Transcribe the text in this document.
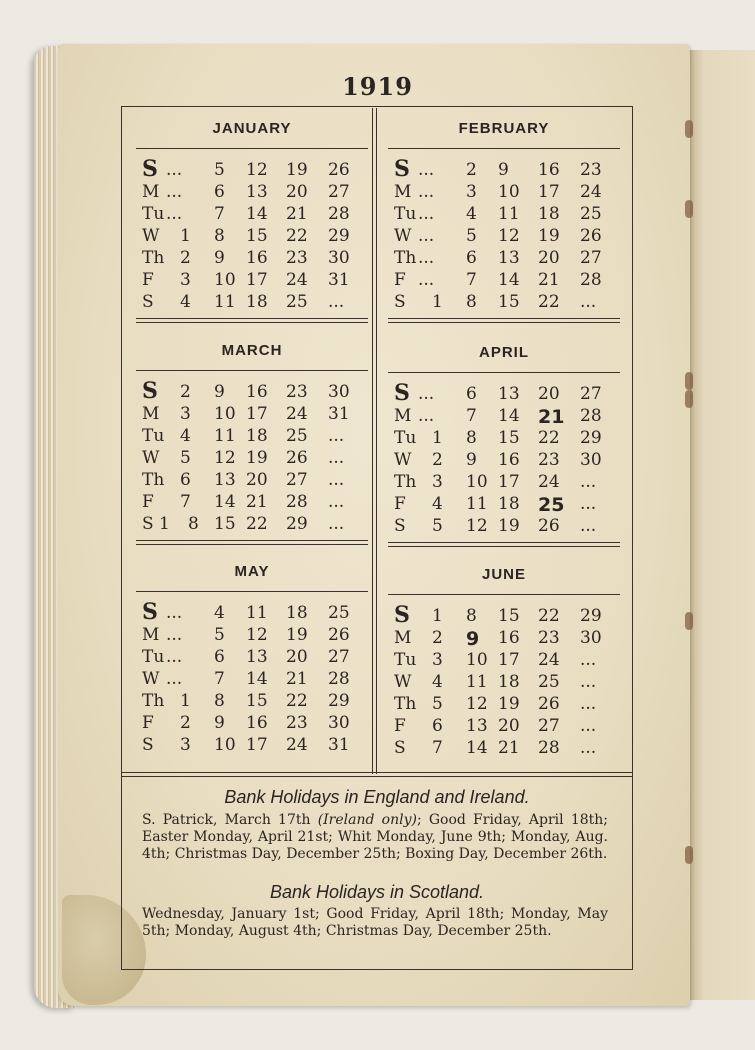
1919
JANUARY
S ... 5 12 19 26
M ... 6 13 20 27
Tu ... 7 14 21 28
W 1 8 15 22 29
Th 2 9 16 23 30
F 3 10 17 24 31
S 4 11 18 25 ...
FEBRUARY
S ... 2 9 16 23
M ... 3 10 17 24
Tu ... 4 11 18 25
W ... 5 12 19 26
Th ... 6 13 20 27
F ... 7 14 21 28
S 1 8 15 22 ...
MARCH
S 2 9 16 23 30
M 3 10 17 24 31
Tu 4 11 18 25 ...
W 5 12 19 26 ...
Th 6 13 20 27 ...
F 7 14 21 28 ...
S 1 8 15 22 29 ...
APRIL
S ... 6 13 20 27
M ... 7 14 21 28
Tu 1 8 15 22 29
W 2 9 16 23 30
Th 3 10 17 24 ...
F 4 11 18 25 ...
S 5 12 19 26 ...
MAY
S ... 4 11 18 25
M ... 5 12 19 26
Tu ... 6 13 20 27
W ... 7 14 21 28
Th 1 8 15 22 29
F 2 9 16 23 30
S 3 10 17 24 31
JUNE
S 1 8 15 22 29
M 2 9 16 23 30
Tu 3 10 17 24 ...
W 4 11 18 25 ...
Th 5 12 19 26 ...
F 6 13 20 27 ...
S 7 14 21 28 ...
Bank Holidays in England and Ireland.
S. Patrick, March 17th (Ireland only); Good Friday, April 18th; Easter Monday, April 21st; Whit Monday, June 9th; Monday, Aug. 4th; Christmas Day, December 25th; Boxing Day, December 26th.
Bank Holidays in Scotland.
Wednesday, January 1st; Good Friday, April 18th; Monday, May 5th; Monday, August 4th; Christmas Day, December 25th.
